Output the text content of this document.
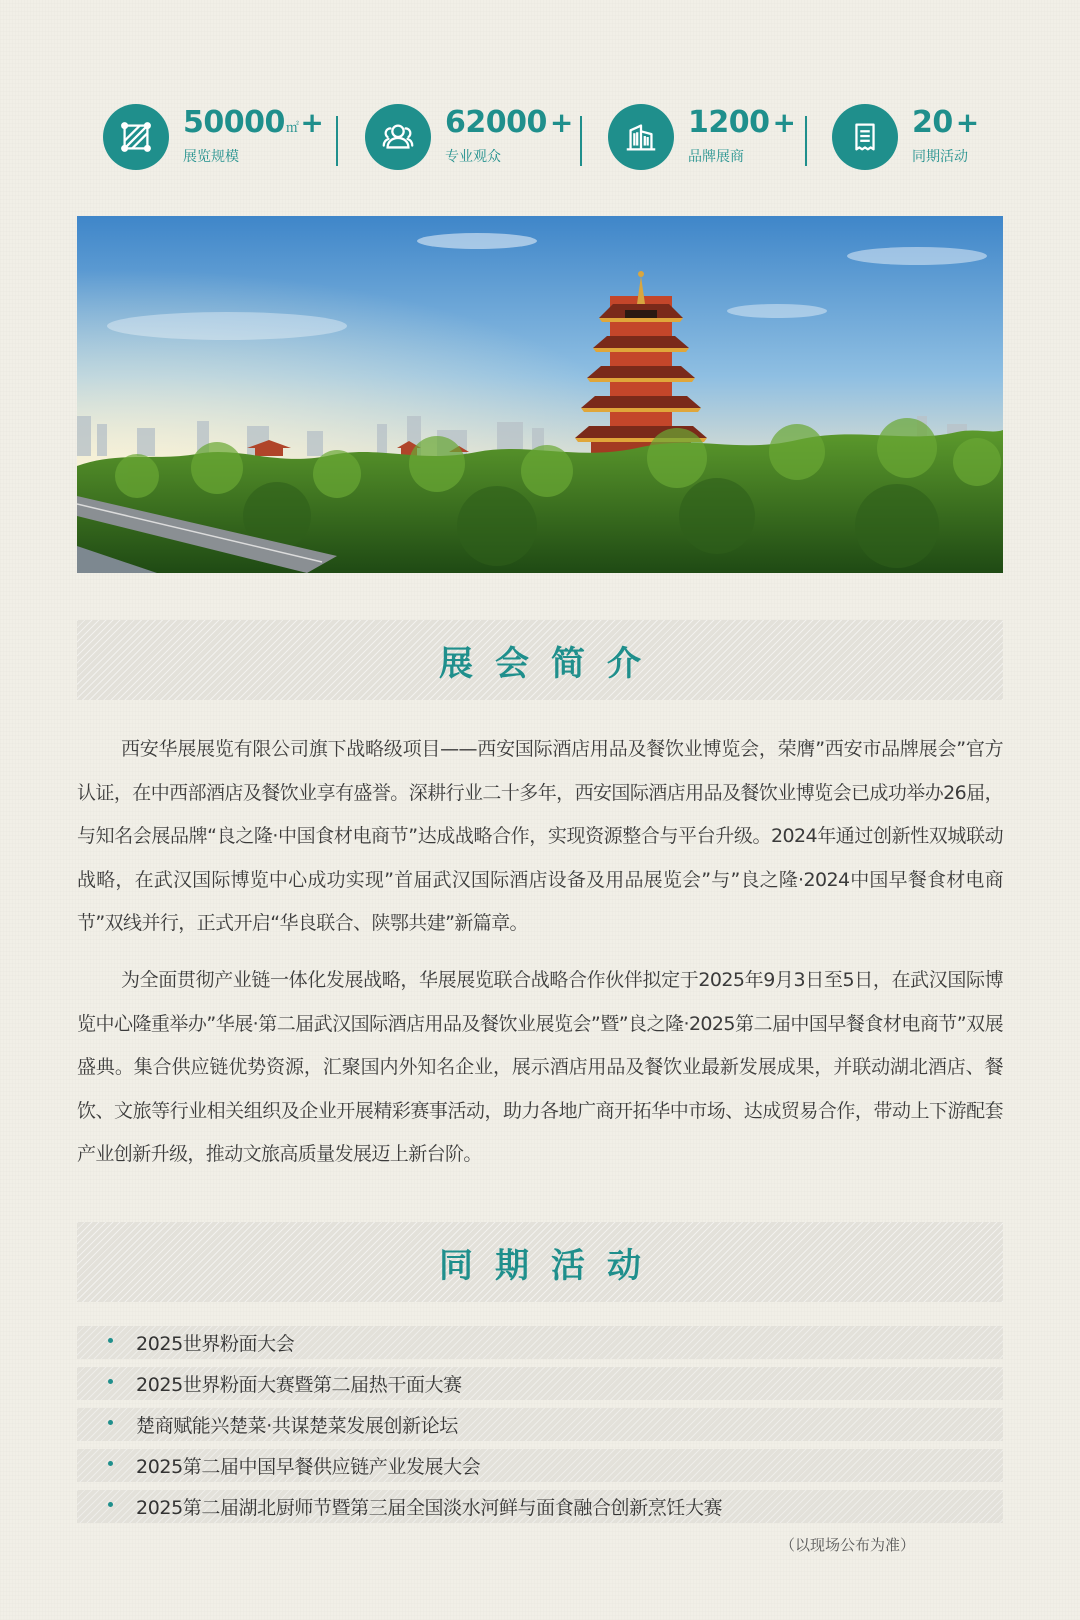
50000㎡+
展览规模
62000 +
专业观众
1200 +
品牌展商
20 +
同期活动
展会简介

西安华展展览有限公司旗下战略级项目——西安国际酒店用品及餐饮业博览会，荣膺”西安市品牌展会”官方认证，在中西部酒店及餐饮业享有盛誉。深耕行业二十多年，西安国际酒店用品及餐饮业博览会已成功举办26届，与知名会展品牌“良之隆·中国食材电商节”达成战略合作，实现资源整合与平台升级。2024年通过创新性双城联动战略，在武汉国际博览中心成功实现”首届武汉国际酒店设备及用品展览会”与”良之隆·2024中国早餐食材电商节”双线并行，正式开启“华良联合、陕鄂共建”新篇章。

为全面贯彻产业链一体化发展战略，华展展览联合战略合作伙伴拟定于2025年9月3日至5日，在武汉国际博览中心隆重举办”华展·第二届武汉国际酒店用品及餐饮业展览会”暨”良之隆·2025第二届中国早餐食材电商节”双展盛典。集合供应链优势资源，汇聚国内外知名企业，展示酒店用品及餐饮业最新发展成果，并联动湖北酒店、餐饮、文旅等行业相关组织及企业开展精彩赛事活动，助力各地广商开拓华中市场、达成贸易合作，带动上下游配套产业创新升级，推动文旅高质量发展迈上新台阶。

同期活动
2025世界粉面大会
2025世界粉面大赛暨第二届热干面大赛
楚商赋能兴楚菜·共谋楚菜发展创新论坛
2025第二届中国早餐供应链产业发展大会
2025第二届湖北厨师节暨第三届全国淡水河鲜与面食融合创新烹饪大赛
（以现场公布为准）
